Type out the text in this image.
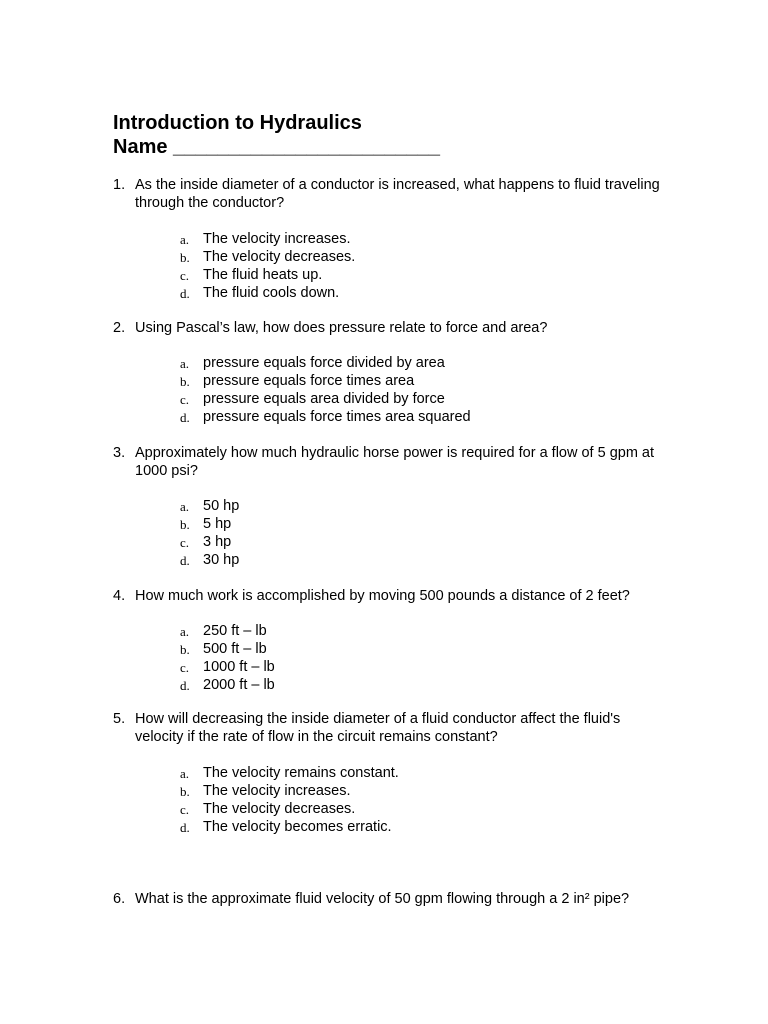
Introduction to Hydraulics
Name ________________________
1. As the inside diameter of a conductor is increased, what happens to fluid traveling through the conductor?
a. The velocity increases.
b. The velocity decreases.
c. The fluid heats up.
d. The fluid cools down.
2. Using Pascal’s law, how does pressure relate to force and area?
a. pressure equals force divided by area
b. pressure equals force times area
c. pressure equals area divided by force
d. pressure equals force times area squared
3. Approximately how much hydraulic horse power is required for a flow of 5 gpm at 1000 psi?
a. 50 hp
b. 5 hp
c. 3 hp
d. 30 hp
4. How much work is accomplished by moving 500 pounds a distance of 2 feet?
a. 250 ft – lb
b. 500 ft – lb
c. 1000 ft – lb
d. 2000 ft – lb
5. How will decreasing the inside diameter of a fluid conductor affect the fluid's velocity if the rate of flow in the circuit remains constant?
a. The velocity remains constant.
b. The velocity increases.
c. The velocity decreases.
d. The velocity becomes erratic.
6. What is the approximate fluid velocity of 50 gpm flowing through a 2 in² pipe?
